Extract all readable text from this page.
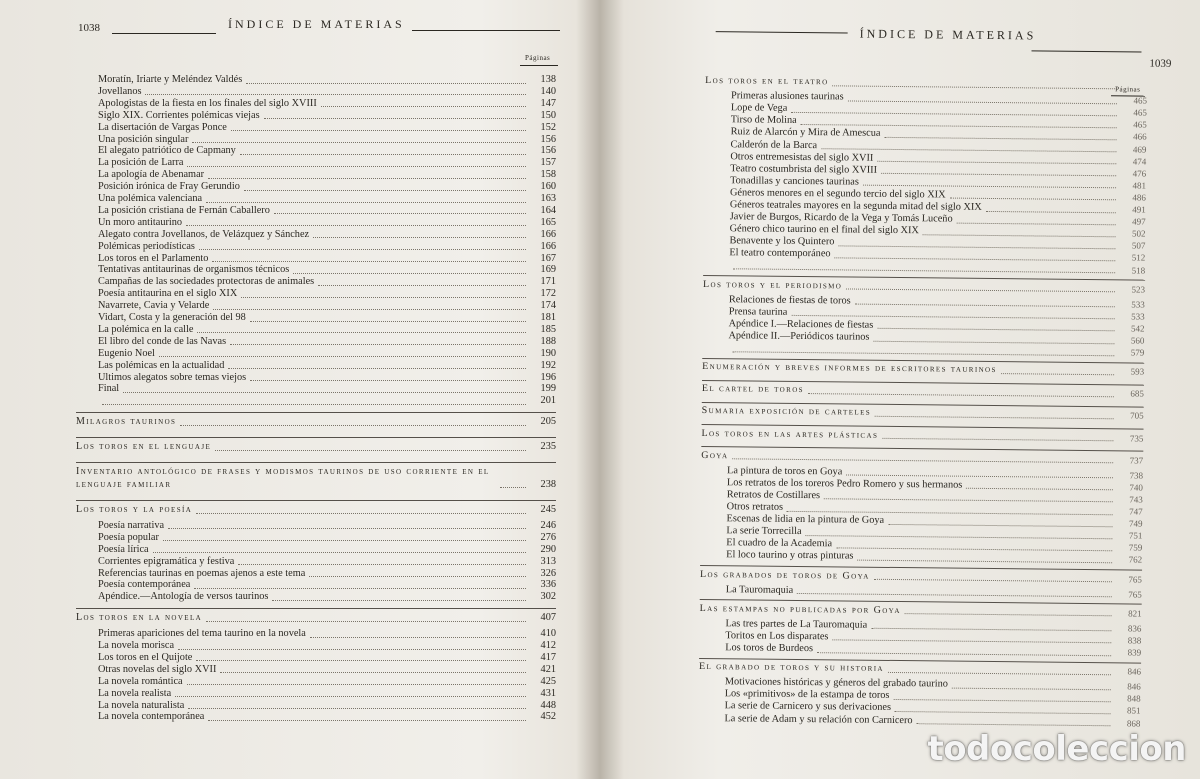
1038	ÍNDICE DE MATERIAS
Páginas
Moratín, Iriarte y Meléndez Valdés	138
Jovellanos	140
Apologistas de la fiesta en los finales del siglo XVIII	147
Siglo XIX. Corrientes polémicas viejas	150
La disertación de Vargas Ponce	152
Una posición singular	156
El alegato patriótico de Capmany	156
La posición de Larra	157
La apología de Abenamar	158
Posición irónica de Fray Gerundio	160
Una polémica valenciana	163
La posición cristiana de Fernán Caballero	164
Un moro antitaurino	165
Alegato contra Jovellanos, de Velázquez y Sánchez	166
Polémicas periodísticas	166
Los toros en el Parlamento	167
Tentativas antitaurinas de organismos técnicos	169
Campañas de las sociedades protectoras de animales	171
Poesía antitaurina en el siglo XIX	172
Navarrete, Cavia y Velarde	174
Vidart, Costa y la generación del 98	181
La polémica en la calle	185
El libro del conde de las Navas	188
Eugenio Noel	190
Las polémicas en la actualidad	192
Ultimos alegatos sobre temas viejos	196
Final	199
201
Milagros taurinos	205
Los toros en el lenguaje	235
Inventario antológico de frases y modismos taurinos de uso corriente en el lenguaje familiar	238
Los toros y la poesía	245
Poesía narrativa	246
Poesía popular	276
Poesía lírica	290
Corrientes epigramática y festiva	313
Referencias taurinas en poemas ajenos a este tema	326
Poesía contemporánea	336
Apéndice.—Antología de versos taurinos	302
Los toros en la novela	407
Primeras apariciones del tema taurino en la novela	410
La novela morisca	412
Los toros en el Quijote	417
Otras novelas del siglo XVII	421
La novela romántica	425
La novela realista	431
La novela naturalista	448
La novela contemporánea	452
ÍNDICE DE MATERIAS
1039
Páginas
Los toros en el teatro
Primeras alusiones taurinas	465
Lope de Vega	465
Tirso de Molina	465
Ruiz de Alarcón y Mira de Amescua	466
Calderón de la Barca	469
Otros entremesistas del siglo XVII	474
Teatro costumbrista del siglo XVIII	476
Tonadillas y canciones taurinas	481
Géneros menores en el segundo tercio del siglo XIX	486
Géneros teatrales mayores en la segunda mitad del siglo XIX	491
Javier de Burgos, Ricardo de la Vega y Tomás Luceño	497
Género chico taurino en el final del siglo XIX	502
Benavente y los Quintero	507
El teatro contemporáneo	512
518
Los toros y el periodismo	523
Relaciones de fiestas de toros	533
Prensa taurina	533
Apéndice I.—Relaciones de fiestas	542
Apéndice II.—Periódicos taurinos	560
579
Enumeración y breves informes de escritores taurinos	593
El cartel de toros	685
Sumaria exposición de carteles	705
Los toros en las artes plásticas	735
Goya	737
La pintura de toros en Goya	738
Los retratos de los toreros Pedro Romero y sus hermanos	740
Retratos de Costillares	743
Otros retratos	747
Escenas de lidia en la pintura de Goya	749
La serie Torrecilla	751
El cuadro de la Academia	759
El loco taurino y otras pinturas	762
Los grabados de toros de Goya	765
La Tauromaquia	765
Las estampas no publicadas por Goya	821
Las tres partes de La Tauromaquia	836
Toritos en Los disparates	838
Los toros de Burdeos	839
El grabado de toros y su historia	846
Motivaciones históricas y géneros del grabado taurino	846
Los «primitivos» de la estampa de toros	848
La serie de Carnicero y sus derivaciones	851
La serie de Adam y su relación con Carnicero	868
todocoleccion
